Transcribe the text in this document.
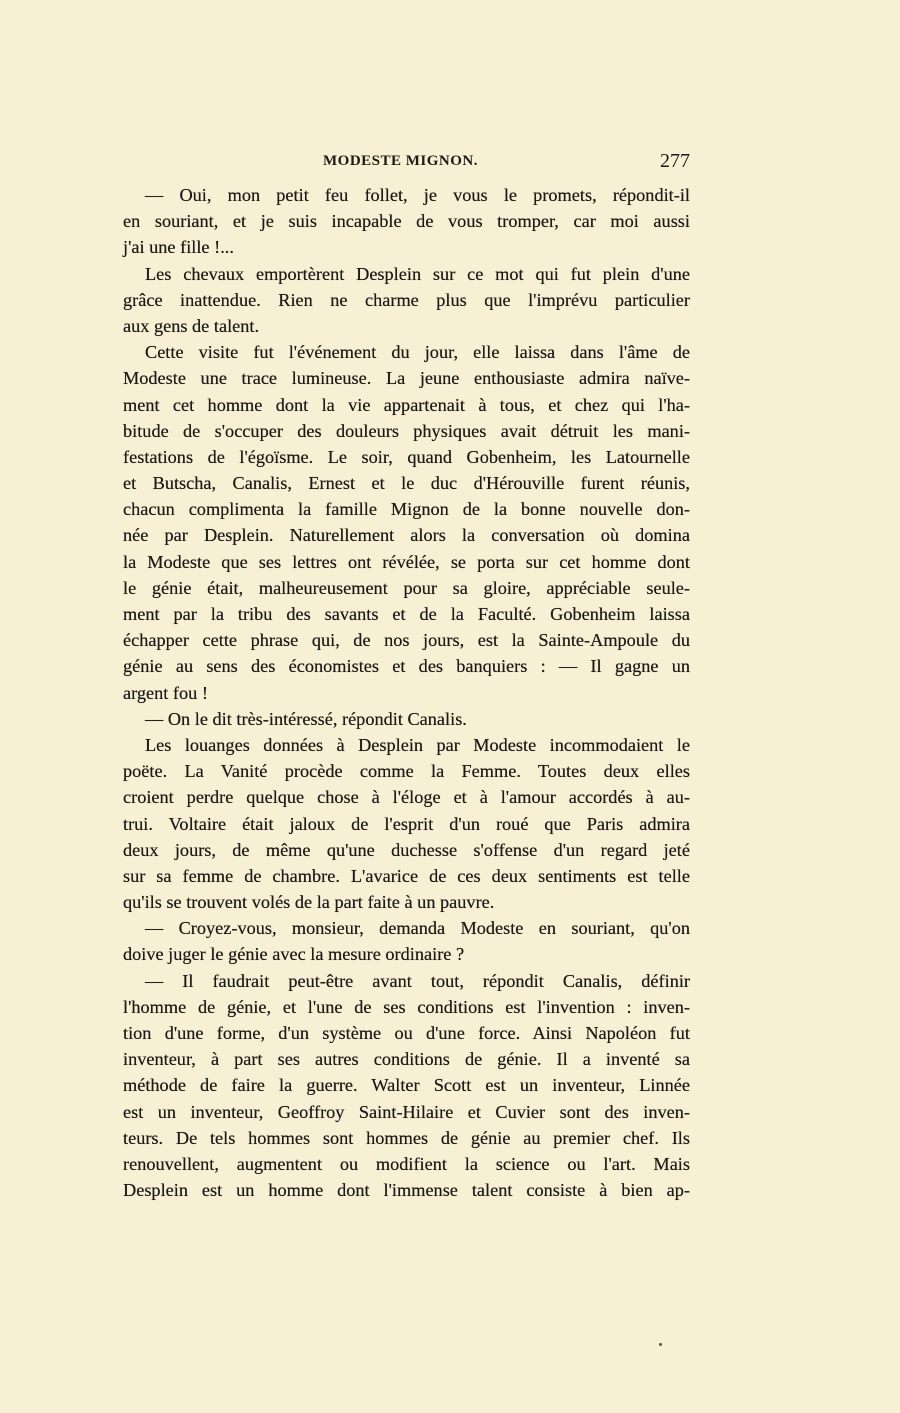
MODESTE MIGNON.	277
— Oui, mon petit feu follet, je vous le promets, répondit-il
en souriant, et je suis incapable de vous tromper, car moi aussi
j'ai une fille !...
Les chevaux emportèrent Desplein sur ce mot qui fut plein d'une
grâce inattendue. Rien ne charme plus que l'imprévu particulier
aux gens de talent.
Cette visite fut l'événement du jour, elle laissa dans l'âme de
Modeste une trace lumineuse. La jeune enthousiaste admira naïve-
ment cet homme dont la vie appartenait à tous, et chez qui l'ha-
bitude de s'occuper des douleurs physiques avait détruit les mani-
festations de l'égoïsme. Le soir, quand Gobenheim, les Latournelle
et Butscha, Canalis, Ernest et le duc d'Hérouville furent réunis,
chacun complimenta la famille Mignon de la bonne nouvelle don-
née par Desplein. Naturellement alors la conversation où domina
la Modeste que ses lettres ont révélée, se porta sur cet homme dont
le génie était, malheureusement pour sa gloire, appréciable seule-
ment par la tribu des savants et de la Faculté. Gobenheim laissa
échapper cette phrase qui, de nos jours, est la Sainte-Ampoule du
génie au sens des économistes et des banquiers : — Il gagne un
argent fou !
— On le dit très-intéressé, répondit Canalis.
Les louanges données à Desplein par Modeste incommodaient le
poëte. La Vanité procède comme la Femme. Toutes deux elles
croient perdre quelque chose à l'éloge et à l'amour accordés à au-
trui. Voltaire était jaloux de l'esprit d'un roué que Paris admira
deux jours, de même qu'une duchesse s'offense d'un regard jeté
sur sa femme de chambre. L'avarice de ces deux sentiments est telle
qu'ils se trouvent volés de la part faite à un pauvre.
— Croyez-vous, monsieur, demanda Modeste en souriant, qu'on
doive juger le génie avec la mesure ordinaire ?
— Il faudrait peut-être avant tout, répondit Canalis, définir
l'homme de génie, et l'une de ses conditions est l'invention : inven-
tion d'une forme, d'un système ou d'une force. Ainsi Napoléon fut
inventeur, à part ses autres conditions de génie. Il a inventé sa
méthode de faire la guerre. Walter Scott est un inventeur, Linnée
est un inventeur, Geoffroy Saint-Hilaire et Cuvier sont des inven-
teurs. De tels hommes sont hommes de génie au premier chef. Ils
renouvellent, augmentent ou modifient la science ou l'art. Mais
Desplein est un homme dont l'immense talent consiste à bien ap-
